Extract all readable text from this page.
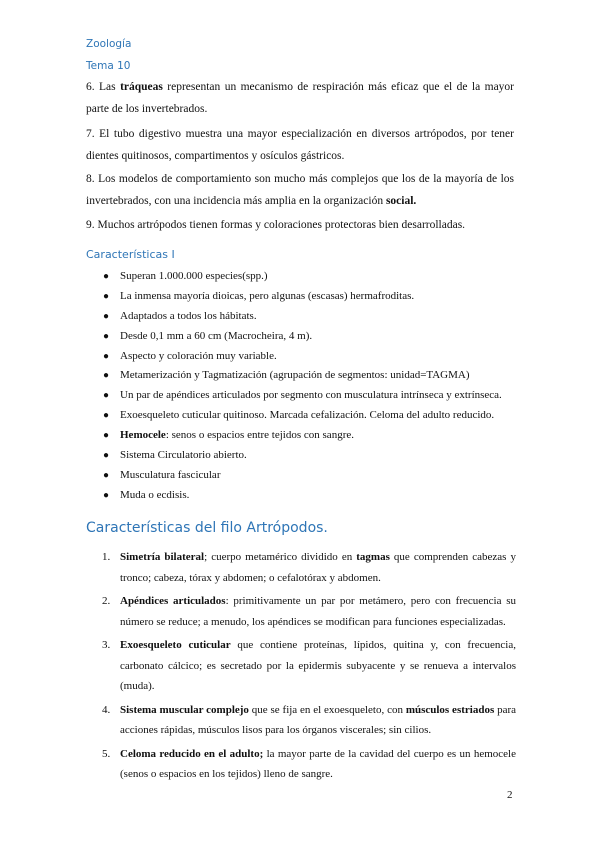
Zoología
Tema 10
6. Las tráqueas representan un mecanismo de respiración más eficaz que el de la mayor parte de los invertebrados.
7. El tubo digestivo muestra una mayor especialización en diversos artrópodos, por tener dientes quitinosos, compartimentos y osículos gástricos.
8. Los modelos de comportamiento son mucho más complejos que los de la mayoría de los invertebrados, con una incidencia más amplia en la organización social.
9. Muchos artrópodos tienen formas y coloraciones protectoras bien desarrolladas.
Características I
● Superan 1.000.000 especies(spp.)
● La inmensa mayoría dioicas, pero algunas (escasas) hermafroditas.
● Adaptados a todos los hábitats.
● Desde 0,1 mm a 60 cm (Macrocheira, 4 m).
● Aspecto y coloración muy variable.
● Metamerización y Tagmatización (agrupación de segmentos: unidad=TAGMA)
● Un par de apéndices articulados por segmento con musculatura intrínseca y extrínseca.
● Exoesqueleto cuticular quitinoso. Marcada cefalización. Celoma del adulto reducido.
● Hemocele: senos o espacios entre tejidos con sangre.
● Sistema Circulatorio abierto.
● Musculatura fascicular
● Muda o ecdisis.
Características del filo Artrópodos.
1. Simetría bilateral; cuerpo metamérico dividido en tagmas que comprenden cabezas y tronco; cabeza, tórax y abdomen; o cefalotórax y abdomen.
2. Apéndices articulados: primitivamente un par por metámero, pero con frecuencia su número se reduce; a menudo, los apéndices se modifican para funciones especializadas.
3. Exoesqueleto cuticular que contiene proteínas, lípidos, quitina y, con frecuencia, carbonato cálcico; es secretado por la epidermis subyacente y se renueva a intervalos (muda).
4. Sistema muscular complejo que se fija en el exoesqueleto, con músculos estriados para acciones rápidas, músculos lisos para los órganos viscerales; sin cilios.
5. Celoma reducido en el adulto; la mayor parte de la cavidad del cuerpo es un hemocele (senos o espacios en los tejidos) lleno de sangre.
2
